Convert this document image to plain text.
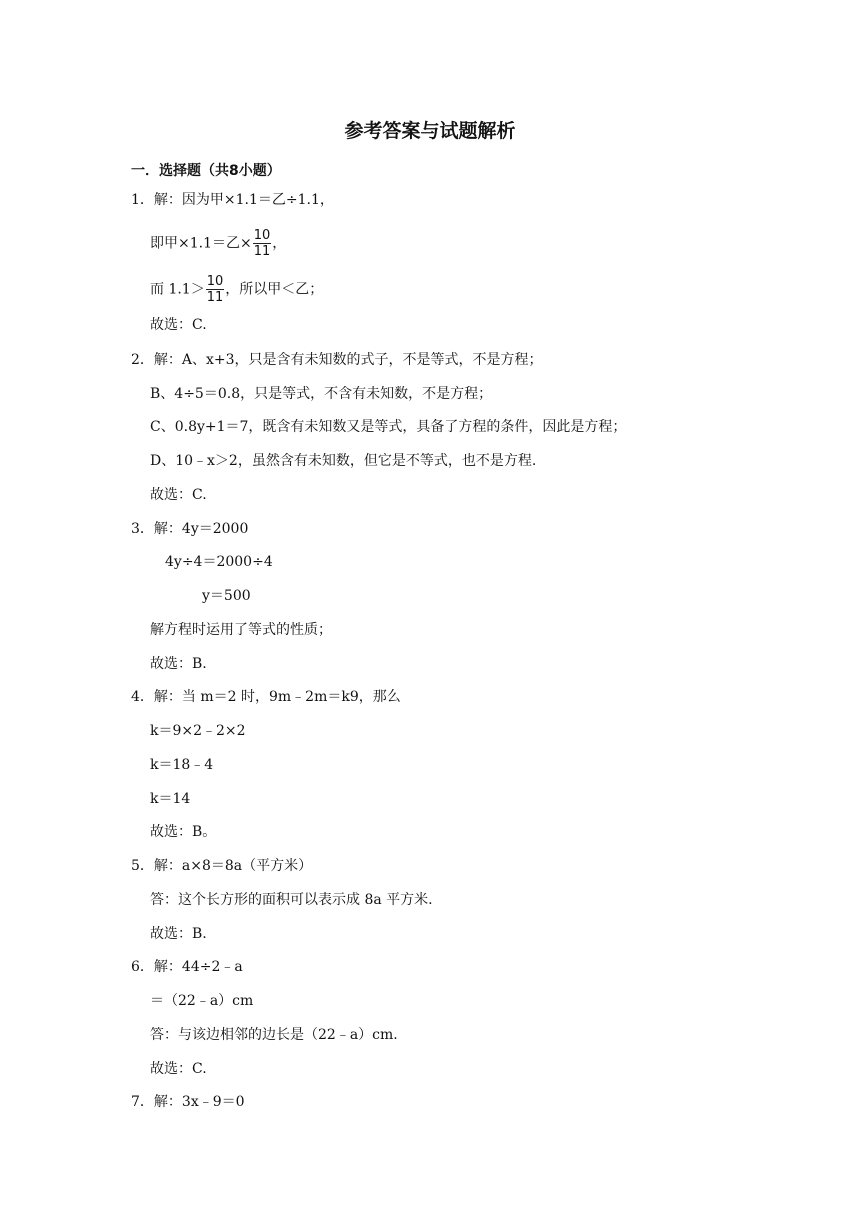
参考答案与试题解析
一．选择题（共8小题）
1．解：因为甲×1.1＝乙÷1.1，
即甲×1.1＝乙× $\frac{10}{11}$ ，
而 $1.1> \frac{10}{11}$ ，所以甲＜乙；
故选：C.
2．解：A、x+3，只是含有未知数的式子，不是等式，不是方程；
B、4÷5＝0.8，只是等式，不含有未知数，不是方程；
C、0.8y+1＝7，既含有未知数又是等式，具备了方程的条件，因此是方程；
D、10﹣x＞2，虽然含有未知数，但它是不等式，也不是方程.
故选：C.
3．解：4y＝2000
4y÷4＝2000÷4
y＝500
解方程时运用了等式的性质；
故选：B.
4．解：当 m＝2 时，9m﹣2m＝k9，那么
k＝9×2﹣2×2
k＝18﹣4
k＝14
故选：B。
5．解：a×8＝8a（平方米）
答：这个长方形的面积可以表示成 8a 平方米.
故选：B.
6．解：44÷2﹣a
＝（22﹣a）cm
答：与该边相邻的边长是（22﹣a）cm.
故选：C.
7．解：3x﹣9＝0
